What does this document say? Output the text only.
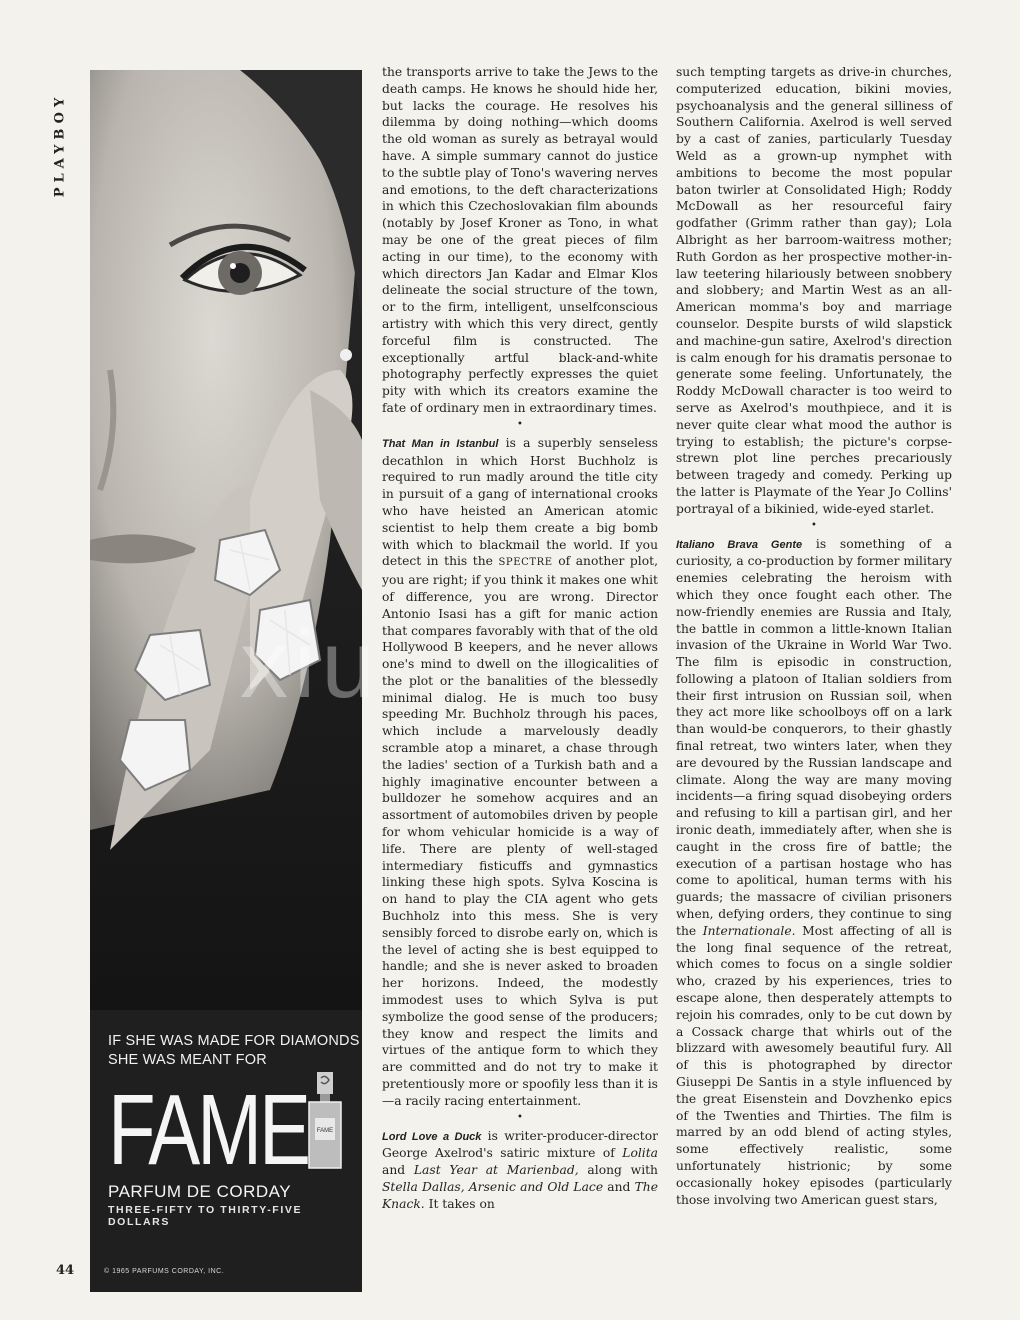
PLAYBOY
IF SHE WAS MADE FOR DIAMONDS
SHE WAS MEANT FOR
FAME FAME
PARFUM DE CORDAY
THREE-FIFTY TO THIRTY-FIVE DOLLARS
© 1965 PARFUMS CORDAY, INC.

the transports arrive to take the Jews to the death camps. He knows he should hide her, but lacks the courage. He resolves his dilemma by doing nothing—which dooms the old woman as surely as betrayal would have. A simple summary cannot do justice to the subtle play of Tono's wavering nerves and emotions, to the deft characterizations in which this Czechoslovakian film abounds (notably by Josef Kroner as Tono, in what may be one of the great pieces of film acting in our time), to the economy with which directors Jan Kadar and Elmar Klos delineate the social structure of the town, or to the firm, intelligent, unselfconscious artistry with which this very direct, gently forceful film is constructed. The exceptionally artful black-and-white photography perfectly expresses the quiet pity with which its creators examine the fate of ordinary men in extraordinary times.

•

That Man in Istanbul is a superbly senseless decathlon in which Horst Buchholz is required to run madly around the title city in pursuit of a gang of international crooks who have heisted an American atomic scientist to help them create a big bomb with which to blackmail the world. If you detect in this the SPECTRE of another plot, you are right; if you think it makes one whit of difference, you are wrong. Director Antonio Isasi has a gift for manic action that compares favorably with that of the old Hollywood B keepers, and he never allows one's mind to dwell on the illogicalities of the plot or the banalities of the blessedly minimal dialog. He is much too busy speeding Mr. Buchholz through his paces, which include a marvelously deadly scramble atop a minaret, a chase through the ladies' section of a Turkish bath and a highly imaginative encounter between a bulldozer he somehow acquires and an assortment of automobiles driven by people for whom vehicular homicide is a way of life. There are plenty of well-staged intermediary fisticuffs and gymnastics linking these high spots. Sylva Koscina is on hand to play the CIA agent who gets Buchholz into this mess. She is very sensibly forced to disrobe early on, which is the level of acting she is best equipped to handle; and she is never asked to broaden her horizons. Indeed, the modestly immodest uses to which Sylva is put symbolize the good sense of the producers; they know and respect the limits and virtues of the antique form to which they are committed and do not try to make it pretentiously more or spoofily less than it is—a racily racing entertainment.

•

Lord Love a Duck is writer-producer-director George Axelrod's satiric mixture of Lolita and Last Year at Marienbad, along with Stella Dallas, Arsenic and Old Lace and The Knack. It takes on

such tempting targets as drive-in churches, computerized education, bikini movies, psychoanalysis and the general silliness of Southern California. Axelrod is well served by a cast of zanies, particularly Tuesday Weld as a grown-up nymphet with ambitions to become the most popular baton twirler at Consolidated High; Roddy McDowall as her resourceful fairy godfather (Grimm rather than gay); Lola Albright as her barroom-waitress mother; Ruth Gordon as her prospective mother-in-law teetering hilariously between snobbery and slobbery; and Martin West as an all-American momma's boy and marriage counselor. Despite bursts of wild slapstick and machine-gun satire, Axelrod's direction is calm enough for his dramatis personae to generate some feeling. Unfortunately, the Roddy McDowall character is too weird to serve as Axelrod's mouthpiece, and it is never quite clear what mood the author is trying to establish; the picture's corpse-strewn plot line perches precariously between tragedy and comedy. Perking up the latter is Playmate of the Year Jo Collins' portrayal of a bikinied, wide-eyed starlet.

•

Italiano Brava Gente is something of a curiosity, a co-production by former military enemies celebrating the heroism with which they once fought each other. The now-friendly enemies are Russia and Italy, the battle in common a little-known Italian invasion of the Ukraine in World War Two. The film is episodic in construction, following a platoon of Italian soldiers from their first intrusion on Russian soil, when they act more like schoolboys off on a lark than would-be conquerors, to their ghastly final retreat, two winters later, when they are devoured by the Russian landscape and climate. Along the way are many moving incidents—a firing squad disobeying orders and refusing to kill a partisan girl, and her ironic death, immediately after, when she is caught in the cross fire of battle; the execution of a partisan hostage who has come to apolitical, human terms with his guards; the massacre of civilian prisoners when, defying orders, they continue to sing the Internationale. Most affecting of all is the long final sequence of the retreat, which comes to focus on a single soldier who, crazed by his experiences, tries to escape alone, then desperately attempts to rejoin his comrades, only to be cut down by a Cossack charge that whirls out of the blizzard with awesomely beautiful fury. All of this is photographed by director Giuseppi De Santis in a style influenced by the great Eisenstein and Dovzhenko epics of the Twenties and Thirties. The film is marred by an odd blend of acting styles, some effectively realistic, some unfortunately histrionic; by some occasionally hokey episodes (particularly those involving two American guest stars,

xiu
44
